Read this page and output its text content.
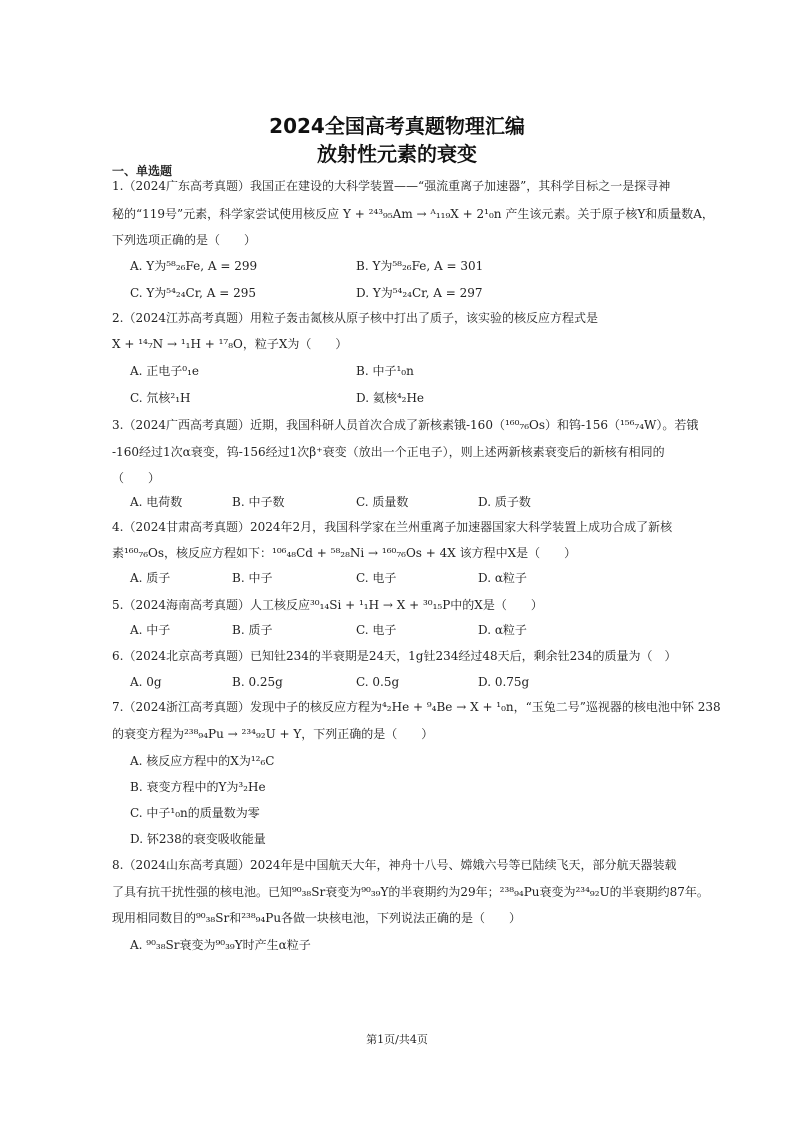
2024全国高考真题物理汇编
放射性元素的衰变
一、单选题
1.（2024广东高考真题）我国正在建设的大科学装置——“强流重离子加速器”，其科学目标之一是探寻神
秘的“119号”元素，科学家尝试使用核反应 Y + ²⁴³₉₅Am → ᴬ₁₁₉X + 2¹₀n 产生该元素。关于原子核Y和质量数A，
下列选项正确的是（　　）
A. Y为⁵⁸₂₆Fe, A = 299	B. Y为⁵⁸₂₆Fe, A = 301
C. Y为⁵⁴₂₄Cr, A = 295	D. Y为⁵⁴₂₄Cr, A = 297
2.（2024江苏高考真题）用粒子轰击氮核从原子核中打出了质子，该实验的核反应方程式是
X + ¹⁴₇N → ¹₁H + ¹⁷₈O，粒子X为（　　）
A. 正电子⁰₁e	B. 中子¹₀n
C. 氘核²₁H	D. 氦核⁴₂He
3.（2024广西高考真题）近期，我国科研人员首次合成了新核素锇-160（¹⁶⁰₇₆Os）和钨-156（¹⁵⁶₇₄W）。若锇
-160经过1次α衰变，钨-156经过1次β⁺衰变（放出一个正电子），则上述两新核素衰变后的新核有相同的
（　　）
A. 电荷数	B. 中子数	C. 质量数	D. 质子数
4.（2024甘肃高考真题）2024年2月，我国科学家在兰州重离子加速器国家大科学装置上成功合成了新核
素¹⁶⁰₇₆Os，核反应方程如下：¹⁰⁶₄₈Cd + ⁵⁸₂₈Ni → ¹⁶⁰₇₆Os + 4X 该方程中X是（　　）
A. 质子	B. 中子	C. 电子	D. α粒子
5.（2024海南高考真题）人工核反应³⁰₁₄Si + ¹₁H → X + ³⁰₁₅P中的X是（　　）
A. 中子	B. 质子	C. 电子	D. α粒子
6.（2024北京高考真题）已知钍234的半衰期是24天，1g钍234经过48天后，剩余钍234的质量为（　）
A. 0g	B. 0.25g	C. 0.5g	D. 0.75g
7.（2024浙江高考真题）发现中子的核反应方程为⁴₂He + ⁹₄Be → X + ¹₀n，“玉兔二号”巡视器的核电池中钚 238
的衰变方程为²³⁸₉₄Pu → ²³⁴₉₂U + Y，下列正确的是（　　）
A. 核反应方程中的X为¹²₆C
B. 衰变方程中的Y为³₂He
C. 中子¹₀n的质量数为零
D. 钚238的衰变吸收能量
8.（2024山东高考真题）2024年是中国航天大年，神舟十八号、嫦娥六号等已陆续飞天，部分航天器装载
了具有抗干扰性强的核电池。已知⁹⁰₃₈Sr衰变为⁹⁰₃₉Y的半衰期约为29年；²³⁸₉₄Pu衰变为²³⁴₉₂U的半衰期约87年。
现用相同数目的⁹⁰₃₈Sr和²³⁸₉₄Pu各做一块核电池，下列说法正确的是（　　）
A. ⁹⁰₃₈Sr衰变为⁹⁰₃₉Y时产生α粒子
第1页/共4页
